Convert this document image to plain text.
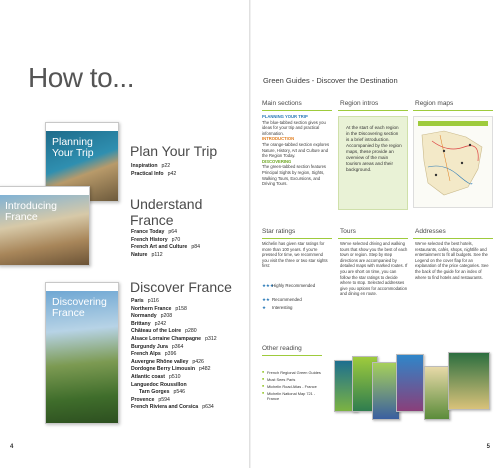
How to...
Planning Your Trip
Introducing France
Discovering France
Plan Your Trip
Inspiration p22
Practical Info p42
Understand France
France Today p64
French History p70
French Art and Culture p84
Nature p112
Discover France
Paris p116
Northern France p158
Normandy p208
Brittany p242
Château of the Loire p280
Alsace Lorraine Champagne p312
Burgundy Jura p364
French Alps p396
Auvergne Rhône valley p426
Dordogne Berry Limousin p482
Atlantic coast p510
Languedoc Roussillon
Tarn Gorges p546
Provence p594
French Riviera and Corsica p634
4
Green Guides - Discover the Destination
Main sections	Region intros	Region maps
PLANNING YOUR TRIP
The blue-tabbed section gives you ideas for your trip and practical information.
INTRODUCTION
The orange-tabbed section explores Nature, History, Art and Culture and the Region Today.
DISCOVERING
The green-tabbed section features Principal Sights by region, Sights, Walking Tours, Excursions, and Driving Tours.
At the start of each region in the Discovering section is a brief introduction. Accompanied by the region maps, these provide an overview of the main tourism areas and their background.
Star ratings	Tours	Addresses
Michelin has given star ratings for more than 100 years. If you're pressed for time, we recommend you visit the three or two star sights first:
★★★Highly Recommended
★★ Recommended
★ Interesting
We've selected driving and walking tours that show you the best of each town or region. Step by step directions are accompanied by detailed maps with marked routes. If you are short on time, you can follow the star ratings to decide where to stop. Selected addresses give you options for accommodation and dining en route.
We've selected the best hotels, restaurants, cafés, shops, nightlife and entertainment to fit all budgets. See the Legend on the cover flap for an explanation of the price categories. See the back of the guide for an index of where to find hotels and restaurants.
Other reading
■ French Regional Green Guides
■ Must Sees Paris
■ Michelin Road Atlas - France
■ Michelin National Map 721 - France
5
